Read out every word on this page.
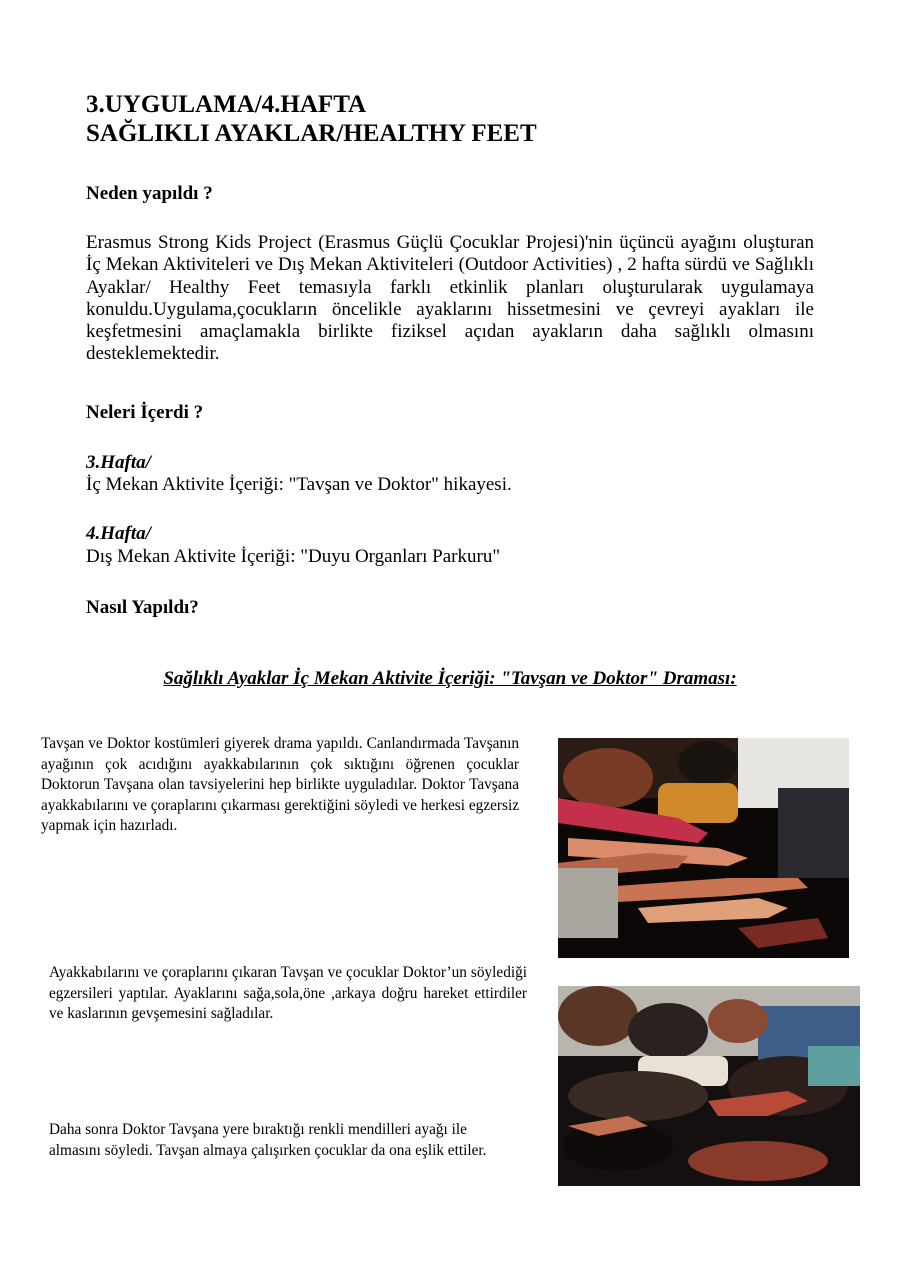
3.UYGULAMA/4.HAFTA
SAĞLIKLI AYAKLAR/HEALTHY FEET
Neden yapıldı ?

Erasmus Strong Kids Project (Erasmus Güçlü Çocuklar Projesi)'nin üçüncü ayağını oluşturan İç Mekan Aktiviteleri ve Dış Mekan Aktiviteleri (Outdoor Activities) , 2 hafta sürdü ve Sağlıklı Ayaklar/ Healthy Feet temasıyla farklı etkinlik planları oluşturularak uygulamaya konuldu.Uygulama,çocukların öncelikle ayaklarını hissetmesini ve çevreyi ayakları ile keşfetmesini amaçlamakla birlikte fiziksel açıdan ayakların daha sağlıklı olmasını desteklemektedir.

Neleri İçerdi ?
3.Hafta/
İç Mekan Aktivite İçeriği: "Tavşan ve Doktor" hikayesi.
4.Hafta/
Dış Mekan Aktivite İçeriği: "Duyu Organları Parkuru"
Nasıl Yapıldı?
Sağlıklı Ayaklar İç Mekan Aktivite İçeriği: "Tavşan ve Doktor" Draması:

Tavşan ve Doktor kostümleri giyerek drama yapıldı. Canlandırmada Tavşanın ayağının çok acıdığını ayakkabılarının çok sıktığını öğrenen çocuklar Doktorun Tavşana olan tavsiyelerini hep birlikte uyguladılar. Doktor Tavşana ayakkabılarını ve çoraplarını çıkarması gerektiğini söyledi ve herkesi egzersiz yapmak için hazırladı.

Ayakkabılarını ve çoraplarını çıkaran Tavşan ve çocuklar Doktor’un söylediği egzersileri yaptılar. Ayaklarını sağa,sola,öne ,arkaya doğru hareket ettirdiler ve kaslarının gevşemesini sağladılar.

Daha sonra Doktor Tavşana yere bıraktığı renkli mendilleri ayağı ile almasını söyledi. Tavşan almaya çalışırken çocuklar da ona eşlik ettiler.
